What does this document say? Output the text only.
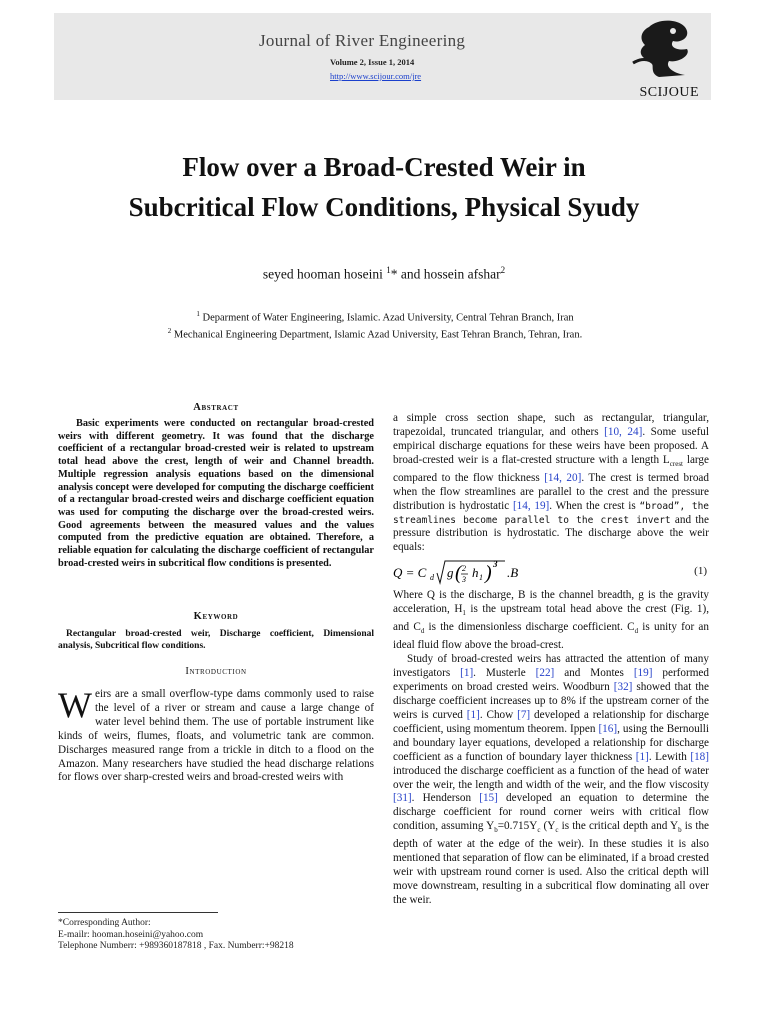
Journal of River Engineering
Volume 2, Issue 1, 2014
http://www.scijour.com/jre
SCIJOUE
Flow over a Broad-Crested Weir in
Subcritical Flow Conditions, Physical Syudy
seyed hooman hoseini $^1$* and hossein afshar$^2$
$^1$ Deparment of Water Engineering, Islamic. Azad University, Central Tehran Branch, Iran
$^2$ Mechanical Engineering Department, Islamic Azad University, East Tehran Branch, Tehran, Iran.
Abstract
Basic experiments were conducted on rectangular broad-crested weirs with different geometry. It was found that the discharge coefficient of a rectangular broad-crested weir is related to upstream total head above the crest, length of weir and Channel breadth. Multiple regression analysis equations based on the dimensional analysis concept were developed for computing the discharge coefficient of a rectangular broad-crested weirs and discharge coefficient equation was used for computing the discharge over the broad-crested weirs. Good agreements between the measured values and the values computed from the predictive equation are obtained. Therefore, a reliable equation for calculating the discharge coefficient of rectangular broad-crested weirs in subcritical flow conditions is presented.
Keyword
Rectangular broad-crested weir, Discharge coefficient, Dimensional analysis, Subcritical flow conditions.
Introduction
Weirs are a small overflow-type dams commonly used to raise the level of a river or stream and cause a large change of water level behind them. The use of portable instrument like kinds of weirs, flumes, floats, and volumetric tank are common. Discharges measured range from a trickle in ditch to a flood on the Amazon. Many researchers have studied the head discharge relations for flows over sharp-crested weirs and broad-crested weirs with
a simple cross section shape, such as rectangular, triangular, trapezoidal, truncated triangular, and others [10, 24]. Some useful empirical discharge equations for these weirs have been proposed. A broad-crested weir is a flat-crested structure with a length $L_{crest}$ large compared to the flow thickness [14, 20]. The crest is termed broad when the flow streamlines are parallel to the crest and the pressure distribution is hydrostatic [14, 19]. When the crest is “broad”, the streamlines become parallel to the crest invert and the pressure distribution is hydrostatic. The discharge above the weir equals:
Q = C d g ( 2
3 h 1 ) 3
.B	(1)
Where Q is the discharge, B is the channel breadth, g is the gravity acceleration, $H_1$ is the upstream total head above the crest (Fig. 1), and $C_d$ is the dimensionless discharge coefficient. $C_d$ is unity for an ideal fluid flow above the broad-crest.
Study of broad-crested weirs has attracted the attention of many investigators [1]. Musterle [22] and Montes [19] performed experiments on broad crested weirs. Woodburn [32] showed that the discharge coefficient increases up to 8% if the upstream corner of the weirs is curved [1]. Chow [7] developed a relationship for discharge coefficient, using momentum theorem. Ippen [16], using the Bernoulli and boundary layer equations, developed a relationship for discharge coefficient as a function of boundary layer thickness [1]. Lewith [18] introduced the discharge coefficient as a function of the head of water over the weir, the length and width of the weir, and the flow viscosity [31]. Henderson [15] developed an equation to determine the discharge coefficient for round corner weirs with critical flow condition, assuming $Y_b=0.715Y_c$ ($Y_c$ is the critical depth and $Y_b$ is the depth of water at the edge of the weir). In these studies it is also mentioned that separation of flow can be eliminated, if a broad crested weir with upstream round corner is used. Also the critical depth will move downstream, resulting in a subcritical flow dominating all over the weir.
*Corresponding Author:
E-mailr: hooman.hoseini@yahoo.com
Telephone Numberr: +989360187818 , Fax. Numberr:+98218
